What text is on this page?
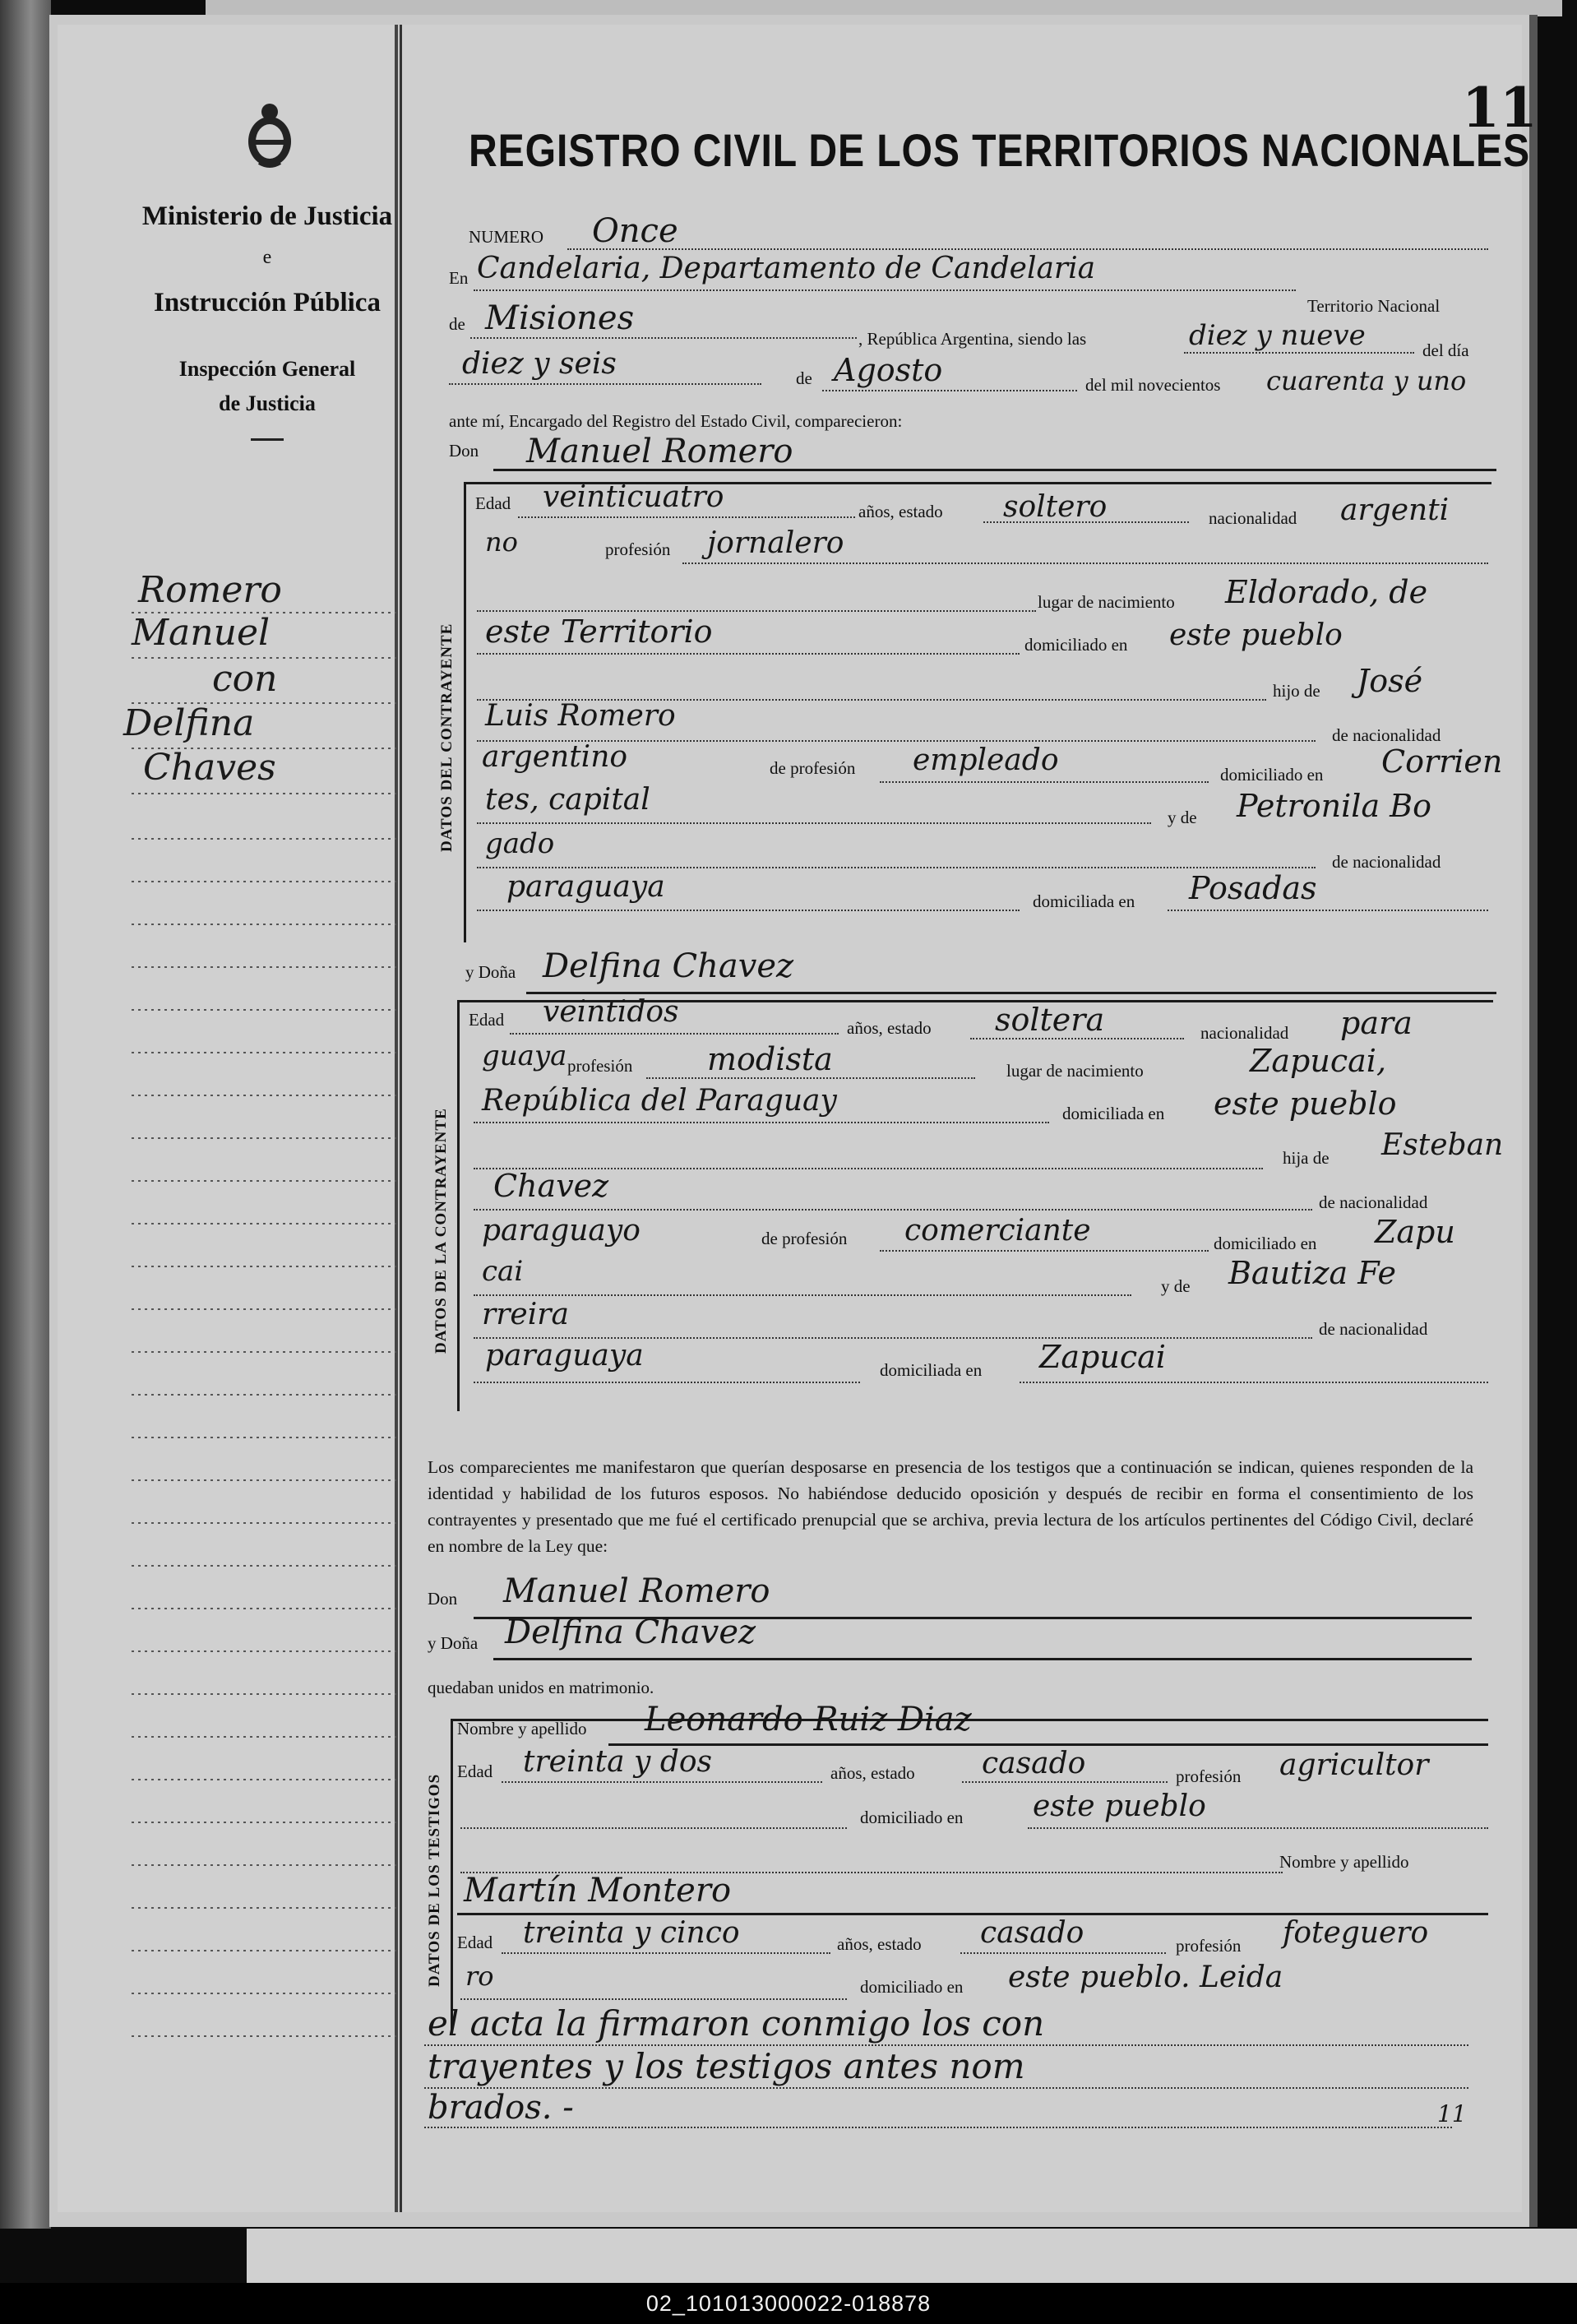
Ministerio de Justicia
e
Instrucción Pública
Inspección General
de Justicia
Romero
Manuel
con
Delfina
Chaves
11
REGISTRO CIVIL DE LOS TERRITORIOS NACIONALES
NUMERO Once
En Candelaria, Departamento de Candelaria
Territorio Nacional
de Misiones
, República Argentina, siendo las	diez y nueve	del día
diez y seis	de Agosto	del mil novecientos cuarenta y uno
ante mí, Encargado del Registro del Estado Civil, comparecieron:
Don Manuel Romero
DATOS DEL CONTRAYENTE
Edad veinticuatro	años, estado soltero	nacionalidad argenti
no	profesión jornalero
lugar de nacimiento Eldorado, de
este Territorio	domiciliado en este pueblo
hijo de José
Luis Romero
de nacionalidad
argentino	de profesión empleado	domiciliado en Corrien
tes, capital
y de Petronila Bo
gado
de nacionalidad
paraguaya	domiciliada en Posadas
y Doña Delfina Chavez
DATOS DE LA CONTRAYENTE
Edad veintidos	años, estado soltera	nacionalidad para
guaya profesión modista	lugar de nacimiento	Zapucai,
República del Paraguay	domiciliada en este pueblo
hija de Esteban
Chavez	de nacionalidad
paraguayo	de profesión comerciante	domiciliado en Zapu
cai	y de Bautiza Fe
rreira	de nacionalidad
paraguaya	domiciliada en Zapucai
Los comparecientes me manifestaron que querían desposarse en presencia de los testigos que a continuación se indican, quienes responden de la identidad y habilidad de los futuros esposos. No habiéndose deducido oposición y después de recibir en forma el consentimiento de los contrayentes y presentado que me fué el certificado prenupcial que se archiva, previa lectura de los artículos pertinentes del Código Civil, declaré en nombre de la Ley que:
Don Manuel Romero
y Doña Delfina Chavez
quedaban unidos en matrimonio.
DATOS DE LOS TESTIGOS
Nombre y apellido Leonardo Ruiz Diaz
Edad treinta y dos	años, estado casado	profesión agricultor
domiciliado en este pueblo
Nombre y apellido
Martín Montero
Edad treinta y cinco	años, estado casado	profesión foteguero
ro	domiciliado en este pueblo. Leida
el acta la firmaron conmigo los con
trayentes y los testigos antes nom
brados. -	11
02_101013000022-018878
